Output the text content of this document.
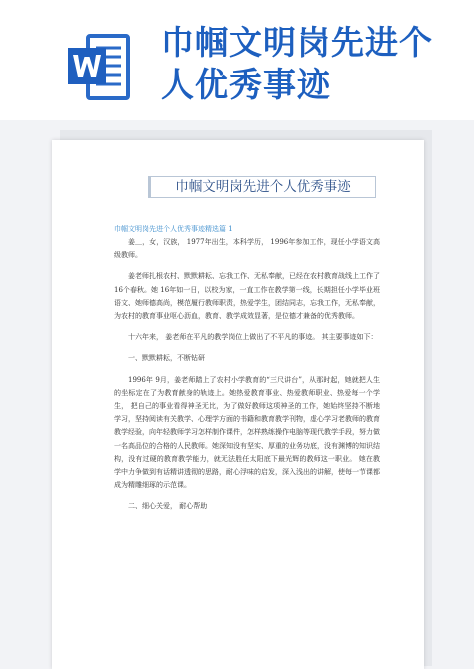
巾帼文明岗先进个人优秀事迹
巾帼文明岗先进个人优秀事迹
巾帼文明岗先进个人优秀事迹精选篇 1

姜＿，女，汉族， 1977年出生，本科学历， 1996年参加工作，现任小学语文高级教师。

姜老师扎根农村、默默耕耘、忘我工作、无私奉献，已经在农村教育战线上工作了 16个春秋。她 16年如一日，以校为家，一直工作在教学第一线，长期担任小学毕业班语文、她师德高尚，模范履行教师职责，热爱学生，团结同志，忘我工作，无私奉献，为农村的教育事业呕心沥血，教育、教学成效显著，是位德才兼备的优秀教师。

十六年来， 姜老师在平凡的教学岗位上做出了不平凡的事迹。 其主要事迹如下：

一、默默耕耘，不断钻研

1996年 9月，姜老师踏上了农村小学教育的“三尺讲台”，从那时起，她就把人生的坐标定在了为教育献身的轨迹上。她热爱教育事业、热爱教师职业、热爱每一个学生， 把自己的事业看得神圣无比，为了做好教师这项神圣的工作，她始终坚持不断地学习，坚持阅读有关教学、心理学方面的书籍和教育教学刊物，虚心学习老教师的教育教学经验，向年轻教师学习怎样制作课件，怎样熟练操作电脑等现代教学手段，努力做一名高品位的合格的人民教师。她深知没有坚实、厚重的业务功底，没有渊博的知识结构，没有过硬的教育教学能力，就无法胜任太阳底下最光辉的教师这一职业。 她在教学中力争做到有话精讲透彻的思路，耐心浮味的启发，深入浅出的讲解，使每一节课都成为精雕细琢的示范课。

二、细心关爱， 耐心帮助
